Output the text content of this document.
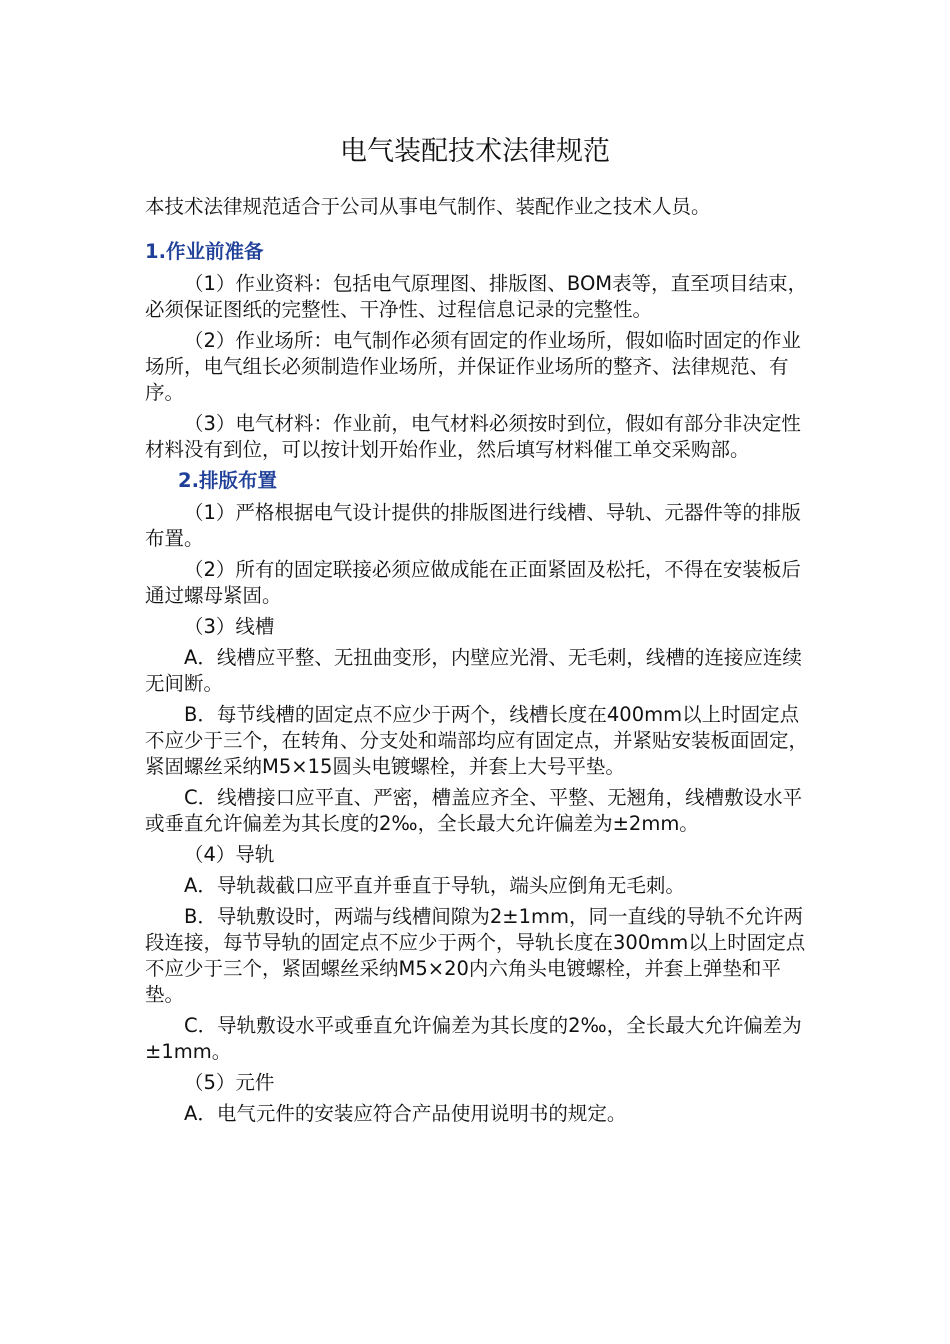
电气装配技术法律规范

本技术法律规范适合于公司从事电气制作、装配作业之技术人员。

1.作业前准备

（1）作业资料：包括电气原理图、排版图、BOM表等，直至项目结束，必须保证图纸的完整性、干净性、过程信息记录的完整性。

（2）作业场所：电气制作必须有固定的作业场所，假如临时固定的作业场所，电气组长必须制造作业场所，并保证作业场所的整齐、法律规范、有序。

（3）电气材料：作业前，电气材料必须按时到位，假如有部分非决定性材料没有到位，可以按计划开始作业，然后填写材料催工单交采购部。

2.排版布置

（1）严格根据电气设计提供的排版图进行线槽、导轨、元器件等的排版布置。

（2）所有的固定联接必须应做成能在正面紧固及松托，不得在安装板后通过螺母紧固。

（3）线槽

A．线槽应平整、无扭曲变形，内壁应光滑、无毛刺，线槽的连接应连续无间断。

B．每节线槽的固定点不应少于两个，线槽长度在400mm以上时固定点不应少于三个，在转角、分支处和端部均应有固定点，并紧贴安装板面固定，紧固螺丝采纳M5×15圆头电镀螺栓，并套上大号平垫。

C．线槽接口应平直、严密，槽盖应齐全、平整、无翘角，线槽敷设水平或垂直允许偏差为其长度的2‰，全长最大允许偏差为±2mm。

（4）导轨

A．导轨裁截口应平直并垂直于导轨，端头应倒角无毛刺。

B．导轨敷设时，两端与线槽间隙为2±1mm，同一直线的导轨不允许两段连接，每节导轨的固定点不应少于两个，导轨长度在300mm以上时固定点不应少于三个，紧固螺丝采纳M5×20内六角头电镀螺栓，并套上弹垫和平垫。

C．导轨敷设水平或垂直允许偏差为其长度的2‰，全长最大允许偏差为±1mm。

（5）元件

A．电气元件的安装应符合产品使用说明书的规定。
